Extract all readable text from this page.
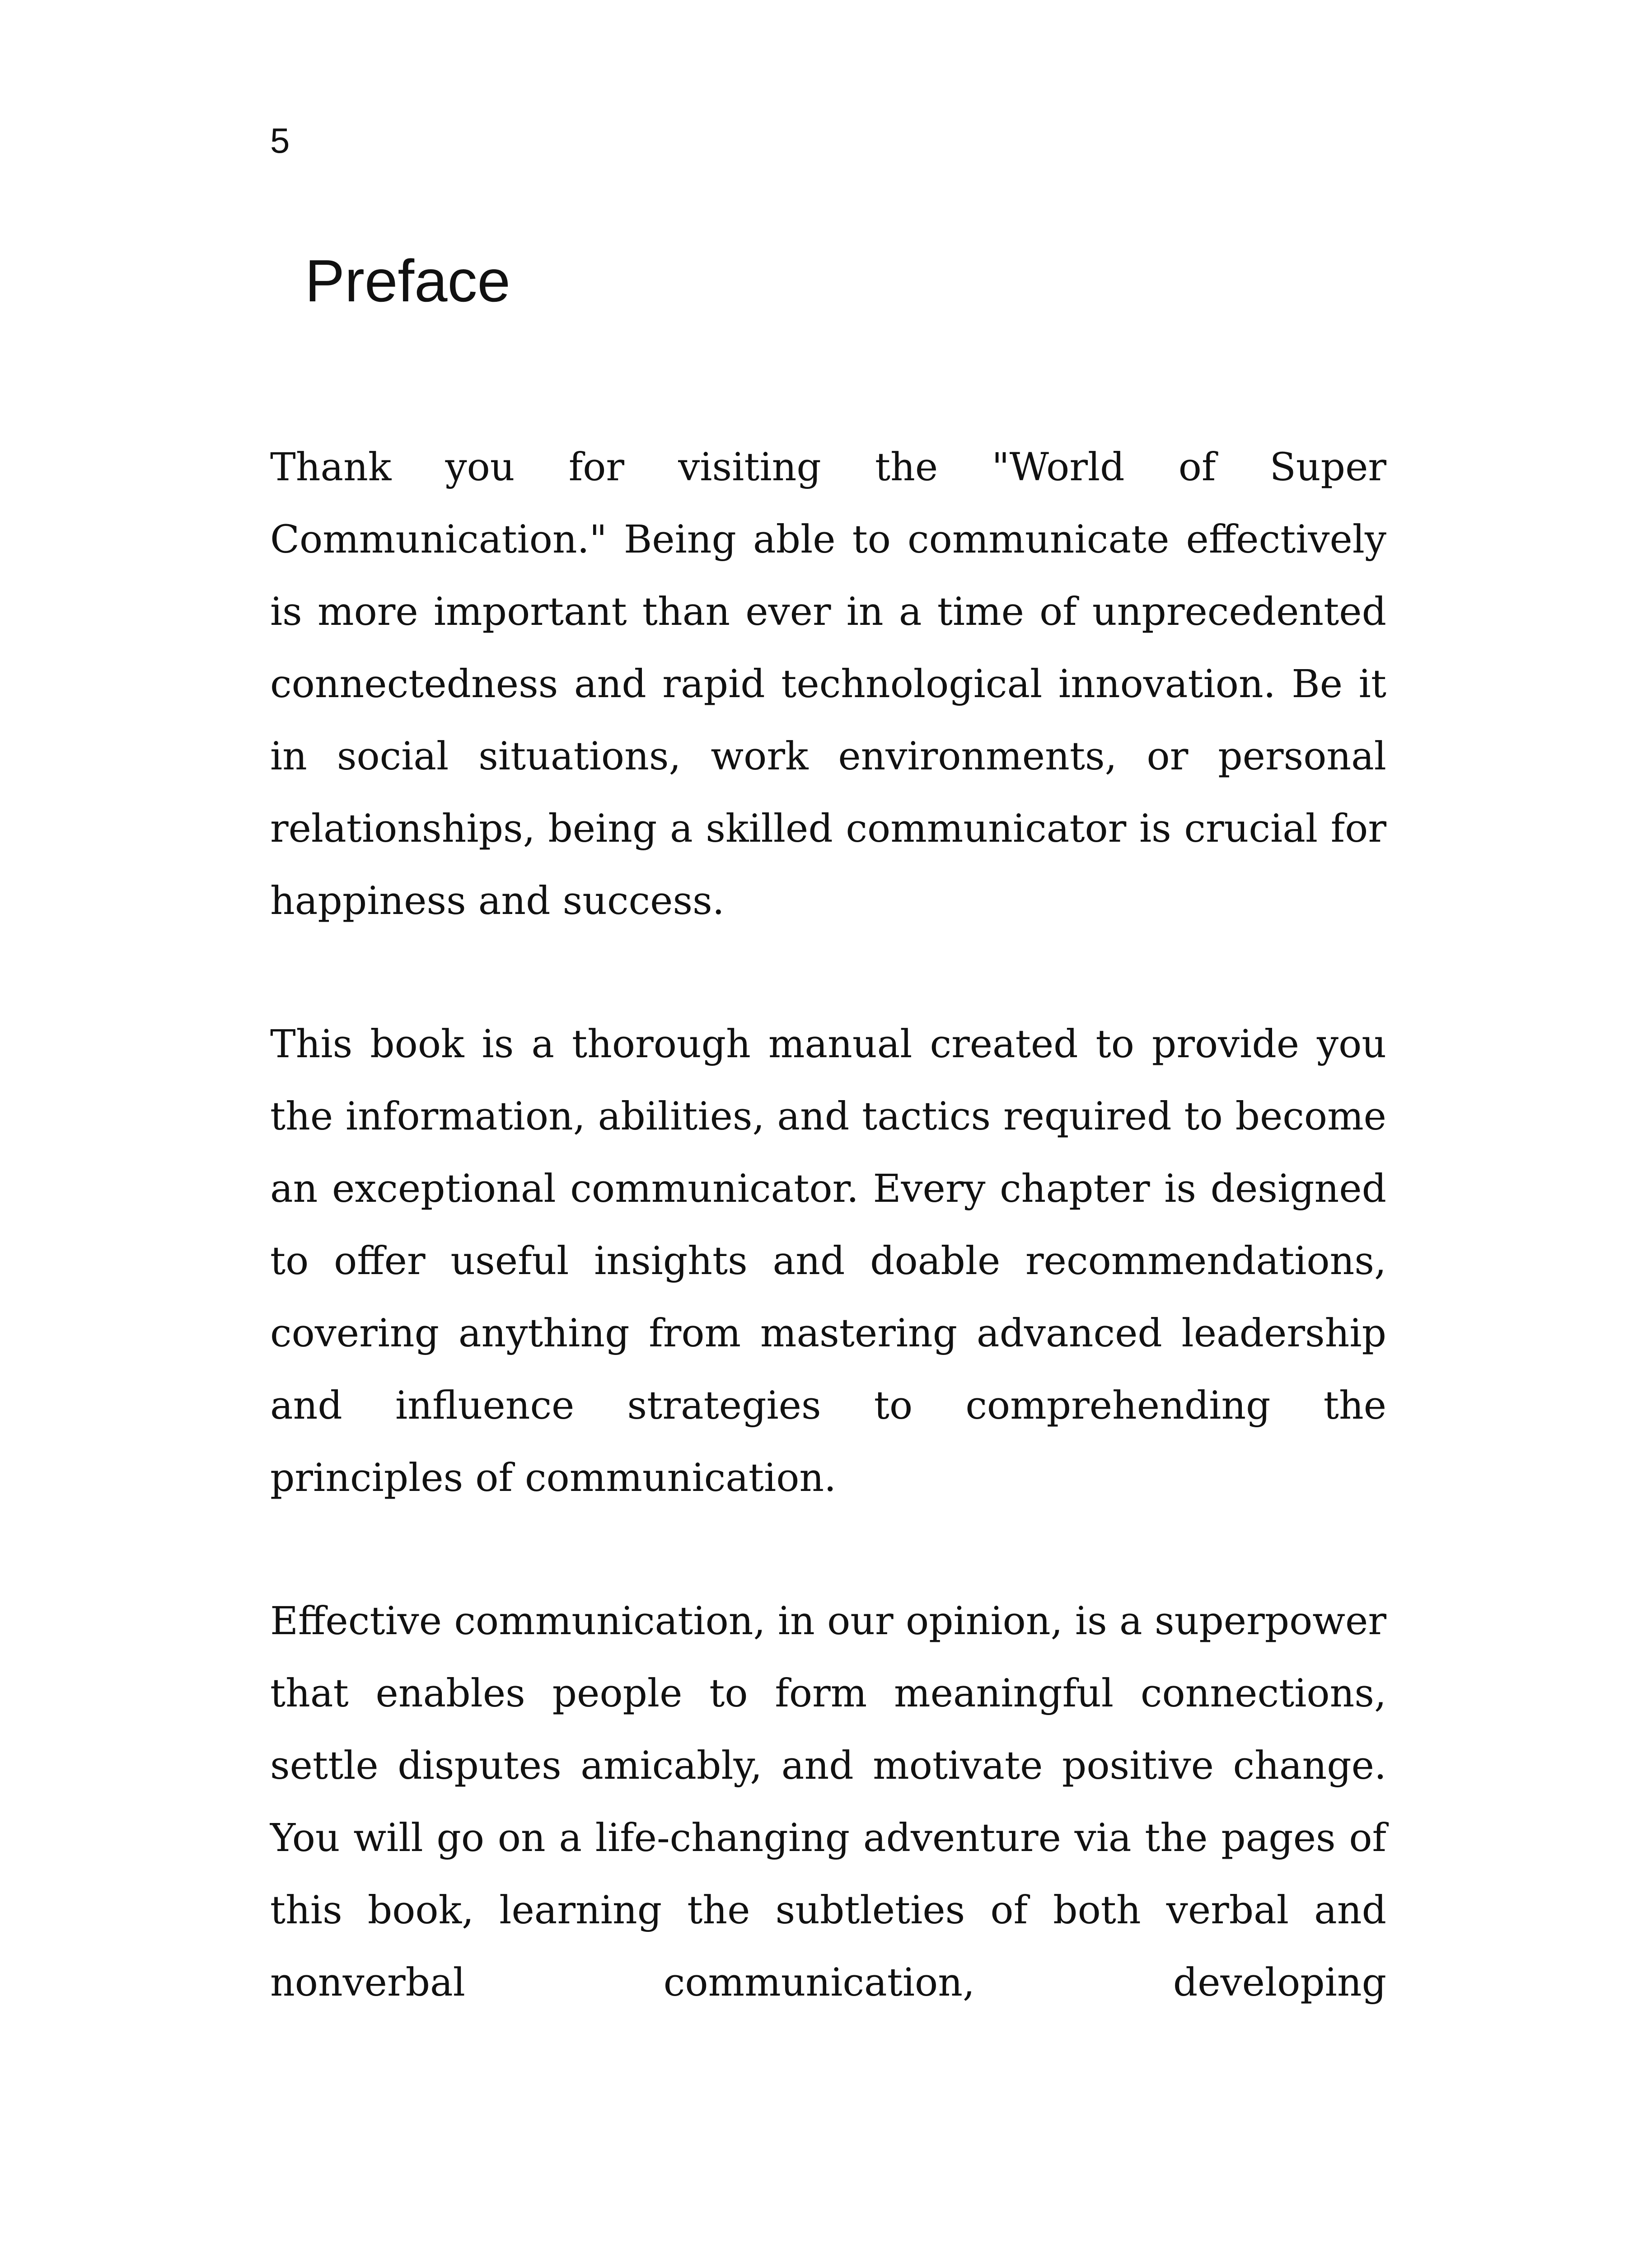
5
Preface

Thank you for visiting the "World of Super Communication." Being able to communicate effectively is more important than ever in a time of unprecedented connectedness and rapid technological innovation. Be it in social situations, work environments, or personal relationships, being a skilled communicator is crucial for happiness and success.

This book is a thorough manual created to provide you the information, abilities, and tactics required to become an exceptional communicator. Every chapter is designed to offer useful insights and doable recommendations, covering anything from mastering advanced leadership and influence strategies to comprehending the principles of communication.

Effective communication, in our opinion, is a superpower that enables people to form meaningful connections, settle disputes amicably, and motivate positive change. You will go on a life-changing adventure via the pages of this book, learning the subtleties of both verbal and nonverbal communication, developing
